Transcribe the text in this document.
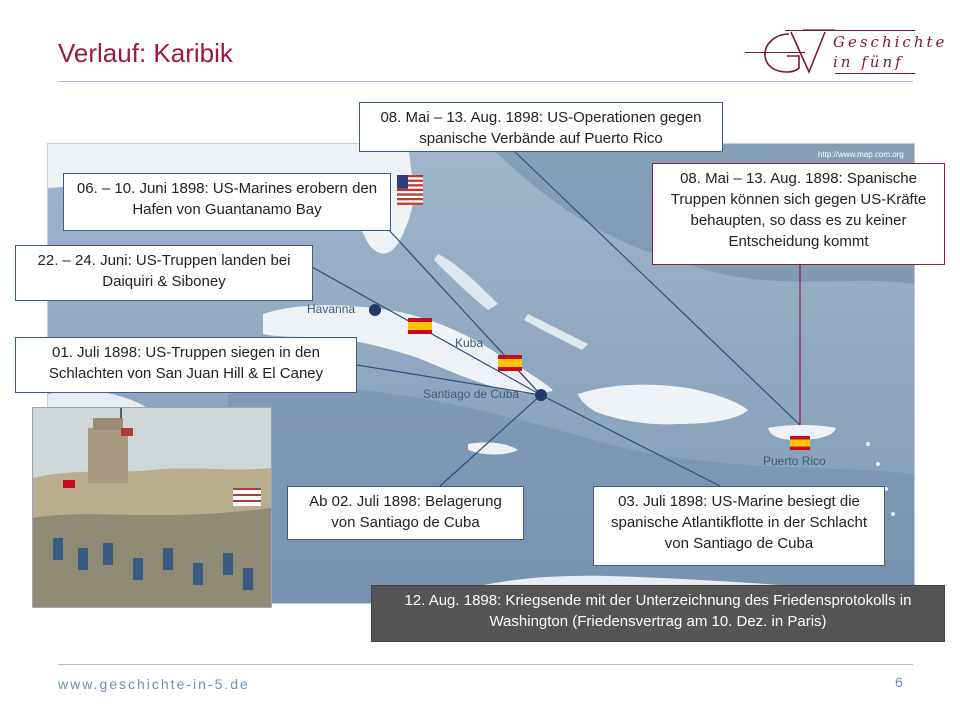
Verlauf: Karibik	Geschichte
in fünf
http://www.map.com.org
Havanna
Kuba
Santiago de Cuba
Puerto Rico
06. – 10. Juni 1898: US-Marines erobern den Hafen von Guantanamo Bay
22. – 24. Juni: US-Truppen landen bei Daiquiri & Siboney
01. Juli 1898: US-Truppen siegen in den Schlachten von San Juan Hill & El Caney
08. Mai – 13. Aug. 1898: US-Operationen gegen spanische Verbände auf Puerto Rico
08. Mai – 13. Aug. 1898: Spanische Truppen können sich gegen US-Kräfte behaupten, so dass es zu keiner Entscheidung kommt
Ab 02. Juli 1898: Belagerung von Santiago de Cuba
03. Juli 1898: US-Marine besiegt die spanische Atlantikflotte in der Schlacht von Santiago de Cuba
12. Aug. 1898: Kriegsende mit der Unterzeichnung des Friedensprotokolls in Washington (Friedensvertrag am 10. Dez. in Paris)
www.geschichte-in-5.de	6
